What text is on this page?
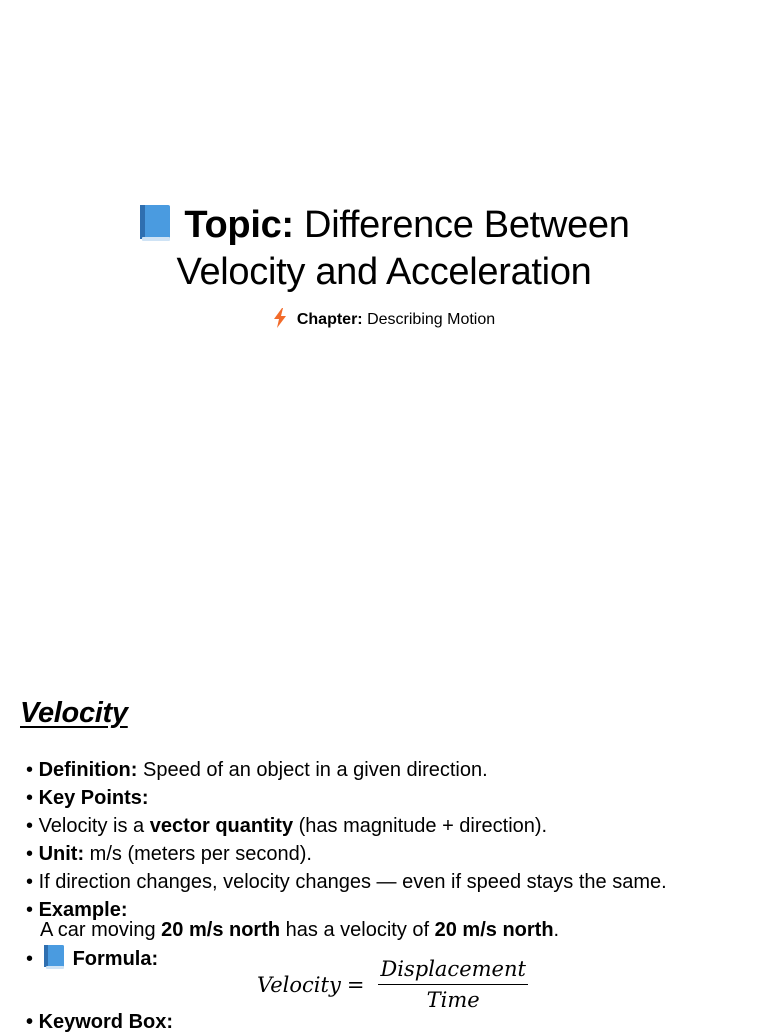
Topic: Difference Between
Velocity and Acceleration
Chapter: Describing Motion
Velocity
• Definition: Speed of an object in a given direction.
• Key Points:
• Velocity is a vector quantity (has magnitude + direction).
• Unit: m/s (meters per second).
• If direction changes, velocity changes — even if speed stays the same.
• Example:
A car moving 20 m/s north has a velocity of 20 m/s north.
• Formula:
Velocity = $\frac{\text{Displacement}}{\text{Time}}$
• Keyword Box:
